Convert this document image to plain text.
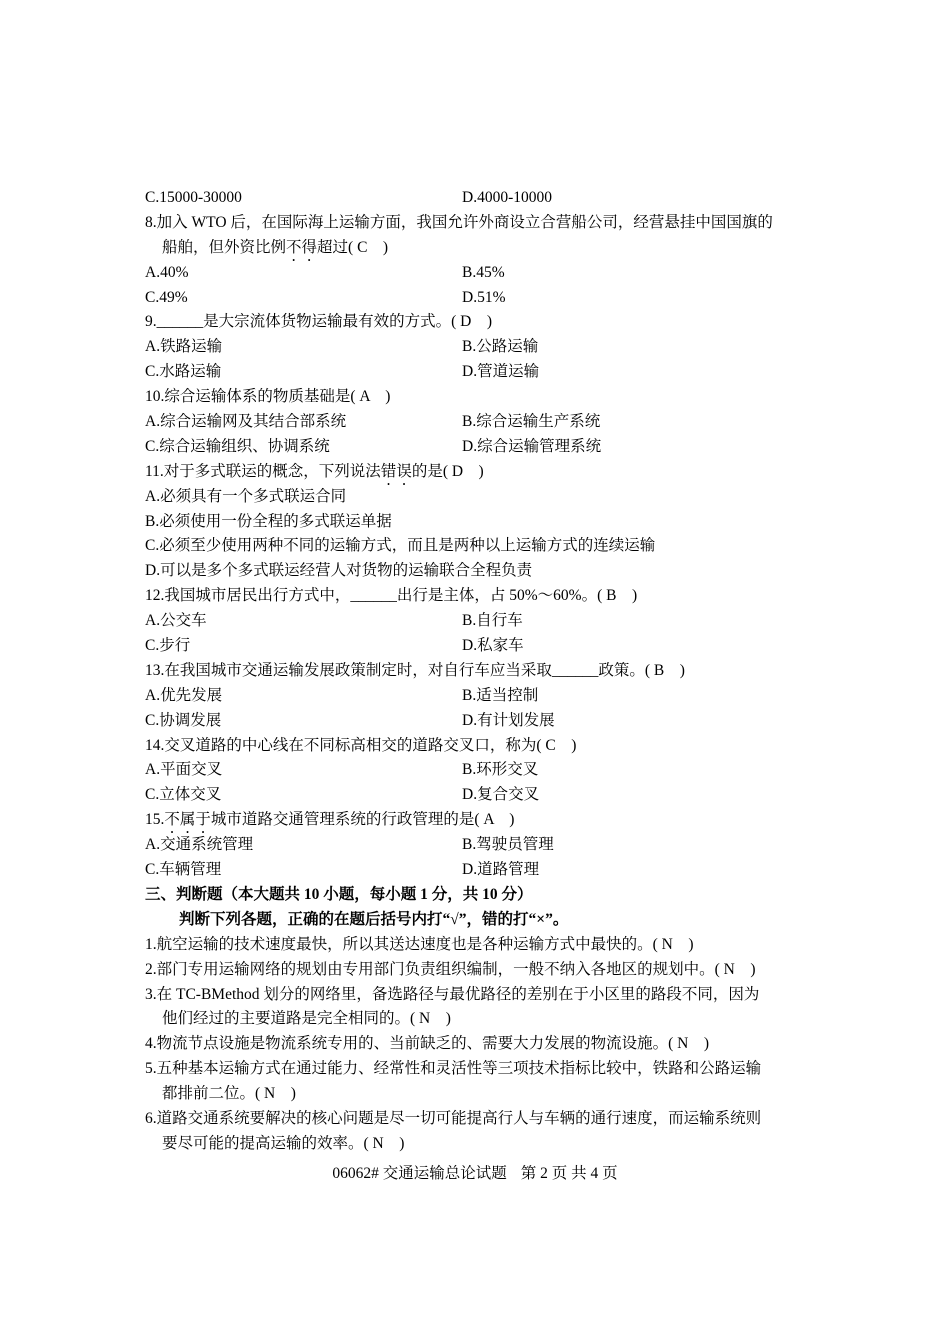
C.15000-30000	D.4000-10000
8.加入 WTO 后，在国际海上运输方面，我国允许外商设立合营船公司，经营悬挂中国国旗的
船舶，但外资比例不得超过( C　)
A.40%	B.45%
C.49%	D.51%
9.______是大宗流体货物运输最有效的方式。( D　)
A.铁路运输	B.公路运输
C.水路运输	D.管道运输
10.综合运输体系的物质基础是( A　)
A.综合运输网及其结合部系统	B.综合运输生产系统
C.综合运输组织、协调系统	D.综合运输管理系统
11.对于多式联运的概念，下列说法错误的是( D　)
A.必须具有一个多式联运合同
B.必须使用一份全程的多式联运单据
C.必须至少使用两种不同的运输方式，而且是两种以上运输方式的连续运输
D.可以是多个多式联运经营人对货物的运输联合全程负责
12.我国城市居民出行方式中，______出行是主体，占 50%～60%。( B　)
A.公交车	B.自行车
C.步行	D.私家车
13.在我国城市交通运输发展政策制定时，对自行车应当采取______政策。( B　)
A.优先发展	B.适当控制
C.协调发展	D.有计划发展
14.交叉道路的中心线在不同标高相交的道路交叉口，称为( C　)
A.平面交叉	B.环形交叉
C.立体交叉	D.复合交叉
15.不属于城市道路交通管理系统的行政管理的是( A　)
A.交通系统管理	B.驾驶员管理
C.车辆管理	D.道路管理
三、判断题（本大题共 10 小题，每小题 1 分，共 10 分）
判断下列各题，正确的在题后括号内打“√”，错的打“×”。
1.航空运输的技术速度最快，所以其送达速度也是各种运输方式中最快的。( N　)
2.部门专用运输网络的规划由专用部门负责组织编制，一般不纳入各地区的规划中。( N　)
3.在 TC-BMethod 划分的网络里，备选路径与最优路径的差别在于小区里的路段不同，因为
他们经过的主要道路是完全相同的。( N　)
4.物流节点设施是物流系统专用的、当前缺乏的、需要大力发展的物流设施。( N　)
5.五种基本运输方式在通过能力、经常性和灵活性等三项技术指标比较中，铁路和公路运输
都排前二位。( N　)
6.道路交通系统要解决的核心问题是尽一切可能提高行人与车辆的通行速度，而运输系统则
要尽可能的提高运输的效率。( N　)
06062# 交通运输总论试题 第 2 页 共 4 页
